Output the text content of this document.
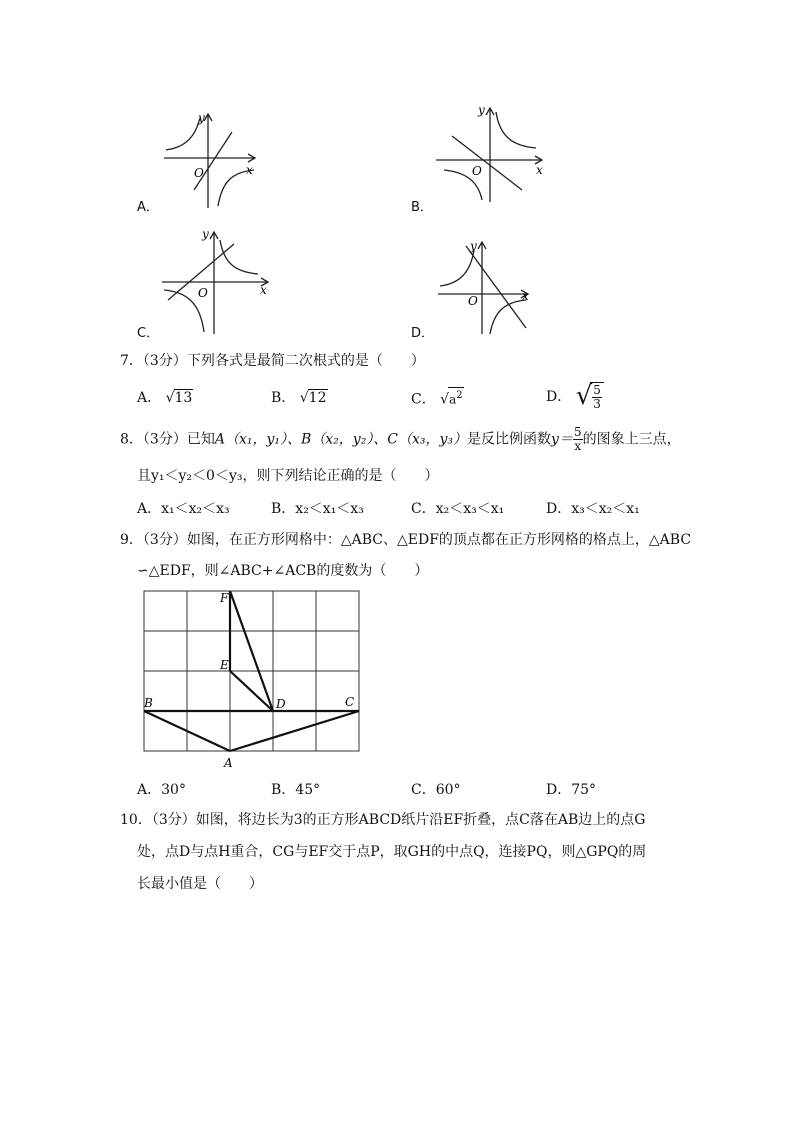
y
x
O
A．
y
x
O
B．
y
x
O
C．
y
x
O
D．
7．（3分）下列各式是最简二次根式的是（　　）
A． √13	B． √12	C． $√a^2$	D． √
$\frac{5}{3}$
8．（3分）已知A（x₁，y₁）、B（x₂，y₂）、C（x₃，y₃）是反比例函数$y= \frac{5}{x}$ 的图象上三点，
且y₁＜y₂＜0＜y₃，则下列结论正确的是（　　）
A．x₁＜x₂＜x₃	B．x₂＜x₁＜x₃	C．x₂＜x₃＜x₁	D．x₃＜x₂＜x₁
9．（3分）如图，在正方形网格中：△ABC、△EDF的顶点都在正方形网格的格点上，△ABC
∽△EDF，则∠ABC+∠ACB的度数为（　　）
F
E
D
B	C
A
A．30°	B．45°	C．60°	D．75°
10．（3分）如图，将边长为3的正方形ABCD纸片沿EF折叠，点C落在AB边上的点G
处，点D与点H重合，CG与EF交于点P，取GH的中点Q，连接PQ，则△GPQ的周
长最小值是（　　）
